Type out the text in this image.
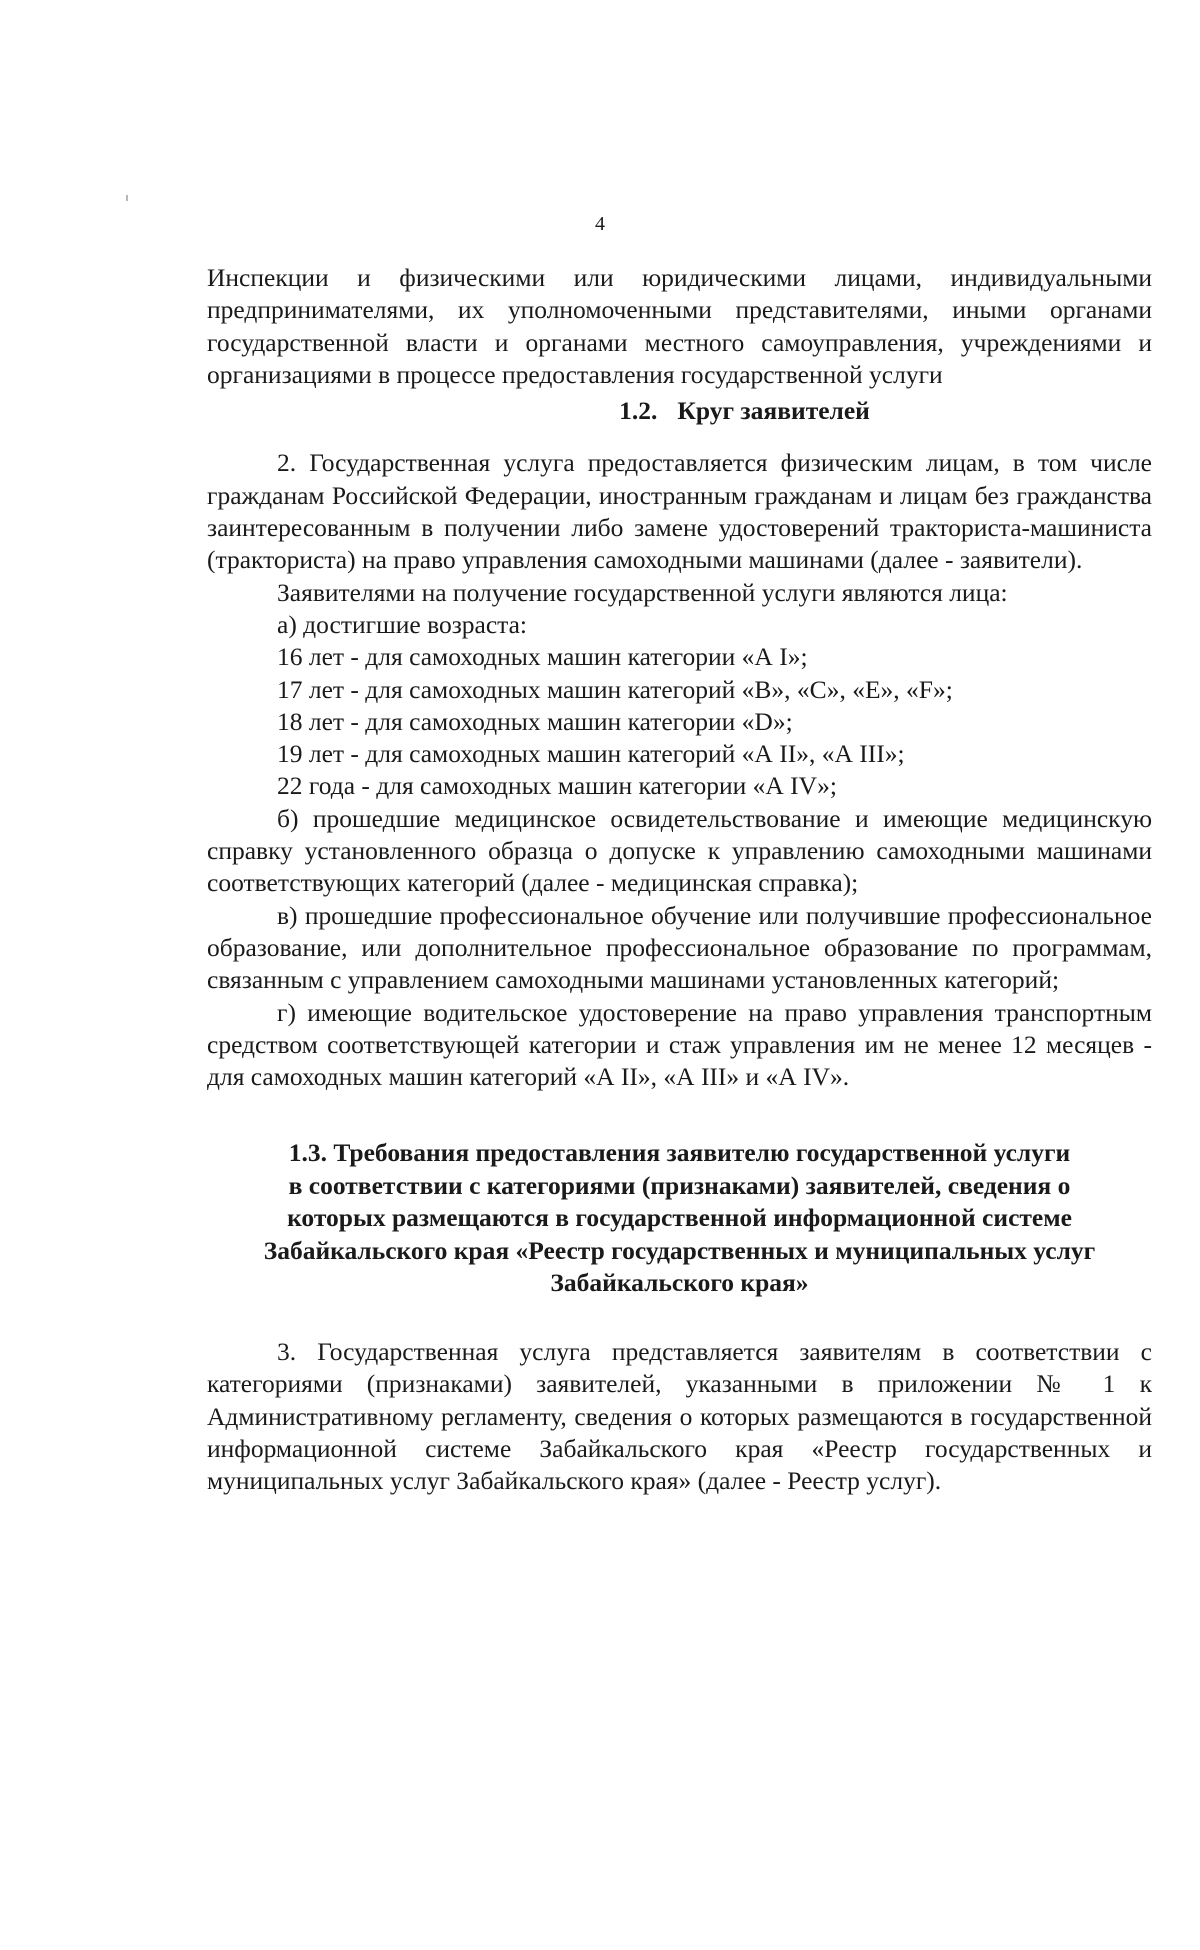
4

Инспекции и физическими или юридическими лицами, индивидуальными предпринимателями, их уполномоченными представителями, иными органами государственной власти и органами местного самоуправления, учреждениями и организациями в процессе предоставления государственной услуги

1.2. Круг заявителей

2. Государственная услуга предоставляется физическим лицам, в том числе гражданам Российской Федерации, иностранным гражданам и лицам без гражданства заинтересованным в получении либо замене удостоверений тракториста-машиниста (тракториста) на право управления самоходными машинами (далее - заявители).

Заявителями на получение государственной услуги являются лица:

а) достигшие возраста:

16 лет - для самоходных машин категории «А I»;

17 лет - для самоходных машин категорий «В», «С», «Е», «F»;

18 лет - для самоходных машин категории «D»;

19 лет - для самоходных машин категорий «А II», «А III»;

22 года - для самоходных машин категории «А IV»;

б) прошедшие медицинское освидетельствование и имеющие медицинскую справку установленного образца о допуске к управлению самоходными машинами соответствующих категорий (далее - медицинская справка);

в) прошедшие профессиональное обучение или получившие профессиональное образование, или дополнительное профессиональное образование по программам, связанным с управлением самоходными машинами установленных категорий;

г) имеющие водительское удостоверение на право управления транспортным средством соответствующей категории и стаж управления им не менее 12 месяцев - для самоходных машин категорий «А II», «А III» и «А IV».

1.3. Требования предоставления заявителю государственной услуги
в соответствии с категориями (признаками) заявителей, сведения о
которых размещаются в государственной информационной системе
Забайкальского края «Реестр государственных и муниципальных услуг
Забайкальского края»

3. Государственная услуга представляется заявителям в соответствии с категориями (признаками) заявителей, указанными в приложении № 1 к Административному регламенту, сведения о которых размещаются в государственной информационной системе Забайкальского края «Реестр государственных и муниципальных услуг Забайкальского края» (далее - Реестр услуг).
